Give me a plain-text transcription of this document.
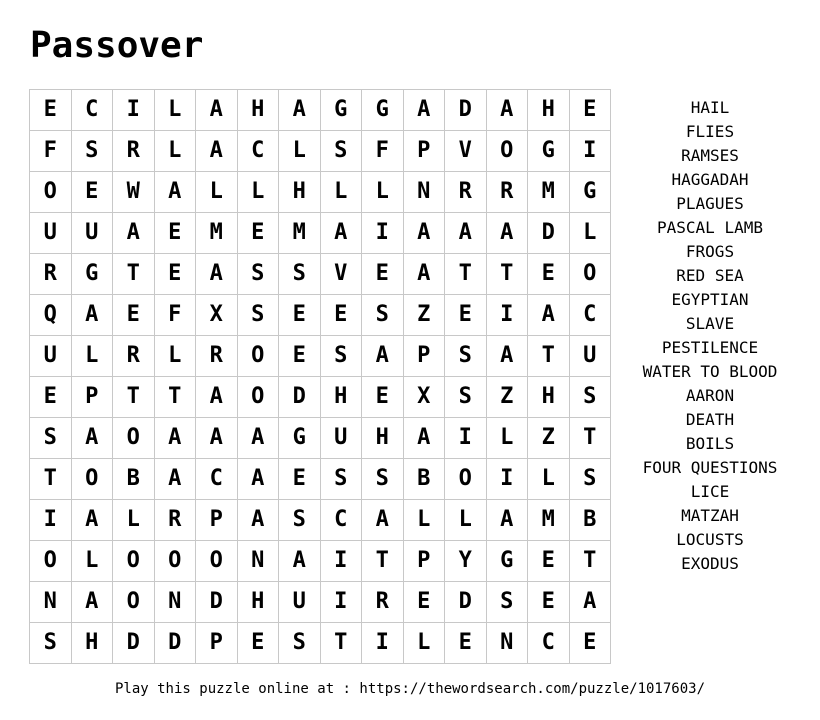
Passover
E	C	I	L	A	H	A	G	G	A	D	A	H	E
F	S	R	L	A	C	L	S	F	P	V	O	G	I
O	E	W	A	L	L	H	L	L	N	R	R	M	G
U	U	A	E	M	E	M	A	I	A	A	A	D	L
R	G	T	E	A	S	S	V	E	A	T	T	E	O
Q	A	E	F	X	S	E	E	S	Z	E	I	A	C
U	L	R	L	R	O	E	S	A	P	S	A	T	U
E	P	T	T	A	O	D	H	E	X	S	Z	H	S
S	A	O	A	A	A	G	U	H	A	I	L	Z	T
T	O	B	A	C	A	E	S	S	B	O	I	L	S
I	A	L	R	P	A	S	C	A	L	L	A	M	B
O	L	O	O	O	N	A	I	T	P	Y	G	E	T
N	A	O	N	D	H	U	I	R	E	D	S	E	A
S	H	D	D	P	E	S	T	I	L	E	N	C	E
HAIL
FLIES
RAMSES
HAGGADAH
PLAGUES
PASCAL LAMB
FROGS
RED SEA
EGYPTIAN
SLAVE
PESTILENCE
WATER TO BLOOD
AARON
DEATH
BOILS
FOUR QUESTIONS
LICE
MATZAH
LOCUSTS
EXODUS
Play this puzzle online at : https://thewordsearch.com/puzzle/1017603/
